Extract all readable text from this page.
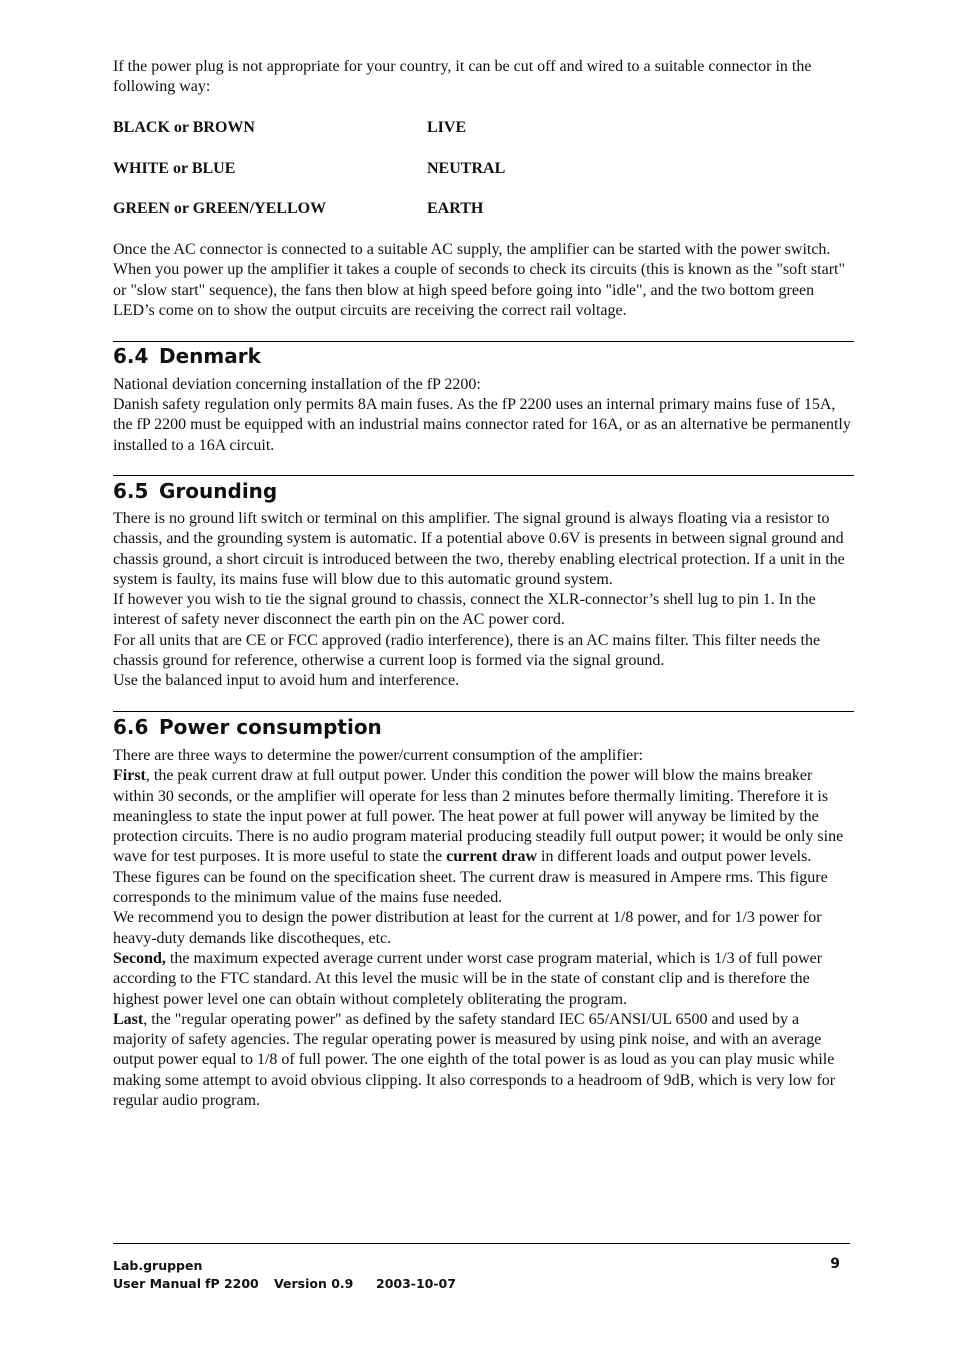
If the power plug is not appropriate for your country, it can be cut off and wired to a suitable connector in the following way:

BLACK or BROWN	LIVE
WHITE or BLUE	NEUTRAL
GREEN or GREEN/YELLOW	EARTH

Once the AC connector is connected to a suitable AC supply, the amplifier can be started with the power switch. When you power up the amplifier it takes a couple of seconds to check its circuits (this is known as the "soft start" or "slow start" sequence), the fans then blow at high speed before going into "idle", and the two bottom green LED’s come on to show the output circuits are receiving the correct rail voltage.

6.4 Denmark

National deviation concerning installation of the fP 2200:

Danish safety regulation only permits 8A main fuses. As the fP 2200 uses an internal primary mains fuse of 15A, the fP 2200 must be equipped with an industrial mains connector rated for 16A, or as an alternative be permanently installed to a 16A circuit.

6.5 Grounding

There is no ground lift switch or terminal on this amplifier. The signal ground is always floating via a resistor to chassis, and the grounding system is automatic. If a potential above 0.6V is presents in between signal ground and chassis ground, a short circuit is introduced between the two, thereby enabling electrical protection. If a unit in the system is faulty, its mains fuse will blow due to this automatic ground system.

If however you wish to tie the signal ground to chassis, connect the XLR-connector’s shell lug to pin 1. In the interest of safety never disconnect the earth pin on the AC power cord.

For all units that are CE or FCC approved (radio interference), there is an AC mains filter. This filter needs the chassis ground for reference, otherwise a current loop is formed via the signal ground.

Use the balanced input to avoid hum and interference.

6.6 Power consumption

There are three ways to determine the power/current consumption of the amplifier:

First, the peak current draw at full output power. Under this condition the power will blow the mains breaker within 30 seconds, or the amplifier will operate for less than 2 minutes before thermally limiting. Therefore it is meaningless to state the input power at full power. The heat power at full power will anyway be limited by the protection circuits. There is no audio program material producing steadily full output power; it would be only sine wave for test purposes. It is more useful to state the current draw in different loads and output power levels. These figures can be found on the specification sheet. The current draw is measured in Ampere rms. This figure corresponds to the minimum value of the mains fuse needed.

We recommend you to design the power distribution at least for the current at 1/8 power, and for 1/3 power for heavy-duty demands like discotheques, etc.

Second, the maximum expected average current under worst case program material, which is 1/3 of full power according to the FTC standard. At this level the music will be in the state of constant clip and is therefore the highest power level one can obtain without completely obliterating the program.

Last, the "regular operating power" as defined by the safety standard IEC 65/ANSI/UL 6500 and used by a majority of safety agencies. The regular operating power is measured by using pink noise, and with an average output power equal to 1/8 of full power. The one eighth of the total power is as loud as you can play music while making some attempt to avoid obvious clipping. It also corresponds to a headroom of 9dB, which is very low for regular audio program.

Lab.gruppen
User Manual fP 2200 Version 0.9 2003-10-07
9
